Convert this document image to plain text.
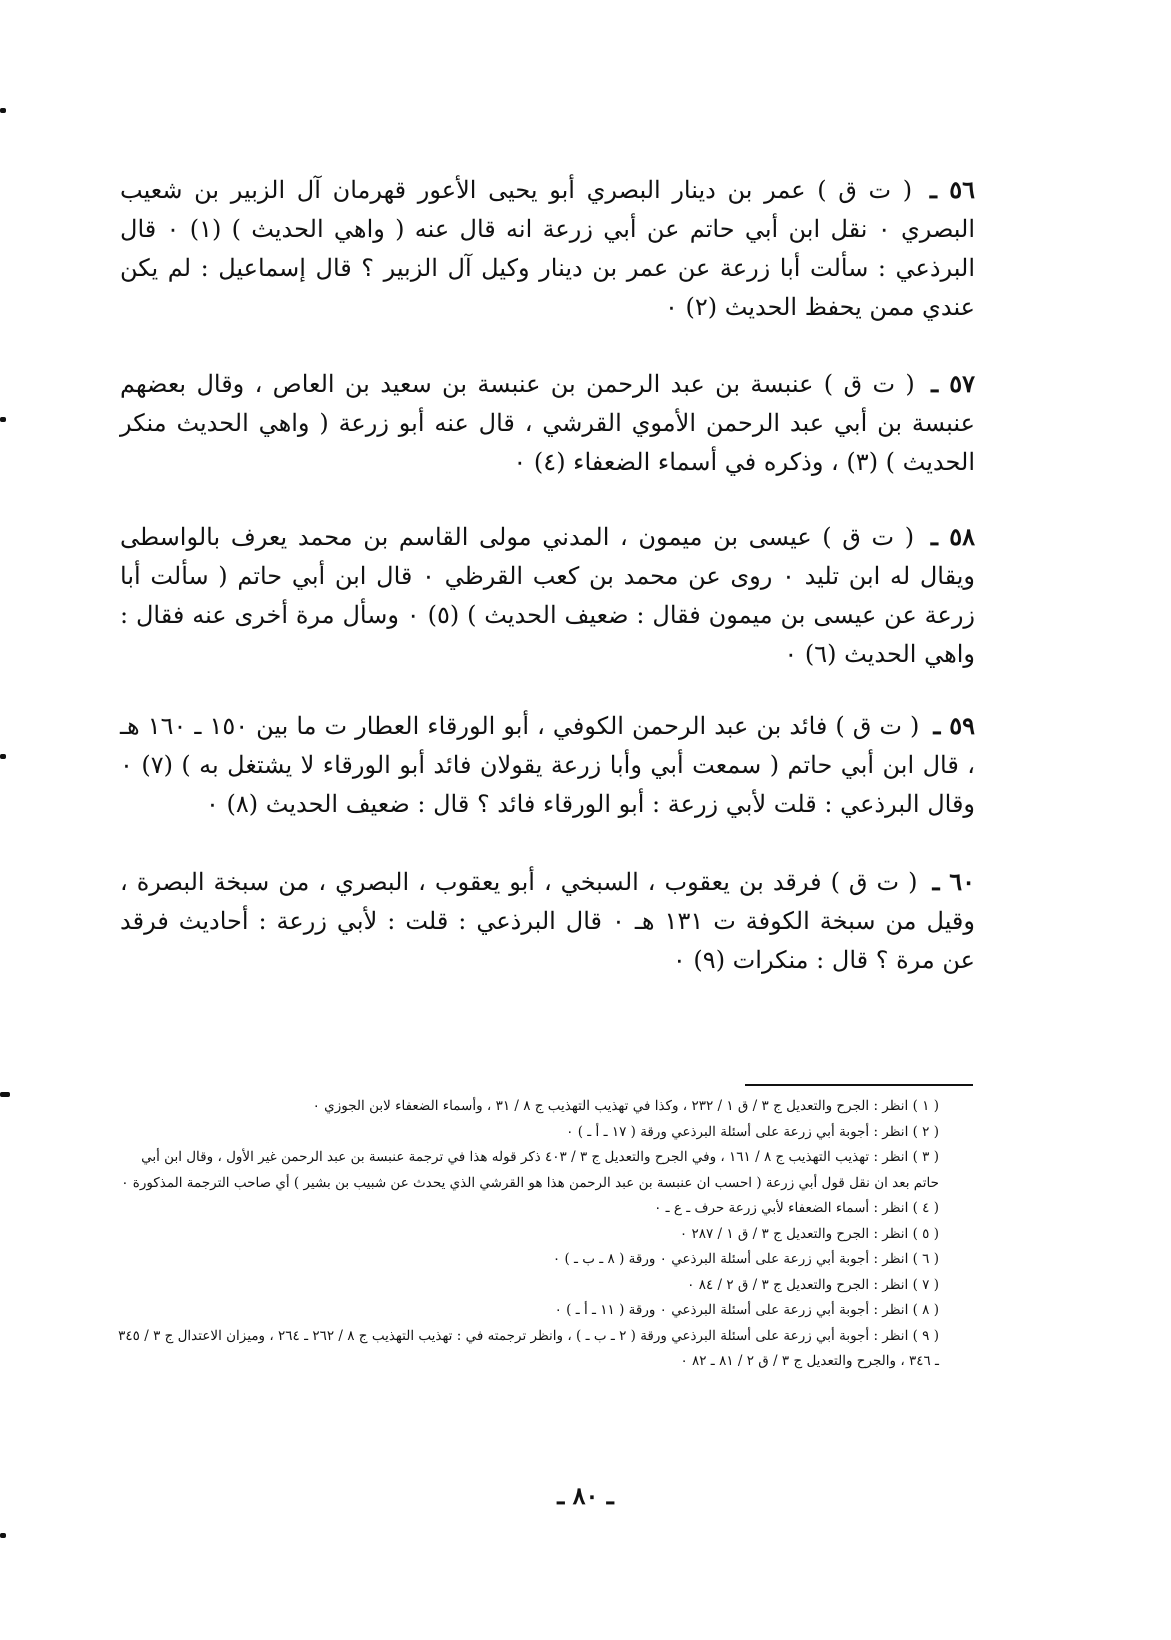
٥٦ ـ ( ت ق ) عمر بن دينار البصري أبو يحيى الأعور قهرمان آل الزبير بن شعيب البصري ٠ نقل ابن أبي حاتم عن أبي زرعة انه قال عنه ( واهي الحديث ) (١) ٠ قال البرذعي : سألت أبا زرعة عن عمر بن دينار وكيل آل الزبير ؟ قال إسماعيل : لم يكن عندي ممن يحفظ الحديث (٢) ٠

٥٧ ـ ( ت ق ) عنبسة بن عبد الرحمن بن عنبسة بن سعيد بن العاص ، وقال بعضهم عنبسة بن أبي عبد الرحمن الأموي القرشي ، قال عنه أبو زرعة ( واهي الحديث منكر الحديث ) (٣) ، وذكره في أسماء الضعفاء (٤) ٠

٥٨ ـ ( ت ق ) عيسى بن ميمون ، المدني مولى القاسم بن محمد يعرف بالواسطى ويقال له ابن تليد ٠ روى عن محمد بن كعب القرظي ٠ قال ابن أبي حاتم ( سألت أبا زرعة عن عيسى بن ميمون فقال : ضعيف الحديث ) (٥) ٠ وسأل مرة أخرى عنه فقال : واهي الحديث (٦) ٠

٥٩ ـ ( ت ق ) فائد بن عبد الرحمن الكوفي ، أبو الورقاء العطار ت ما بين ١٥٠ ـ ١٦٠ هـ ، قال ابن أبي حاتم ( سمعت أبي وأبا زرعة يقولان فائد أبو الورقاء لا يشتغل به ) (٧) ٠ وقال البرذعي : قلت لأبي زرعة : أبو الورقاء فائد ؟ قال : ضعيف الحديث (٨) ٠

٦٠ ـ ( ت ق ) فرقد بن يعقوب ، السبخي ، أبو يعقوب ، البصري ، من سبخة البصرة ، وقيل من سبخة الكوفة ت ١٣١ هـ ٠ قال البرذعي : قلت : لأبي زرعة : أحاديث فرقد عن مرة ؟ قال : منكرات (٩) ٠

( ١ ) انظر : الجرح والتعديل ج ٣ / ق ١ / ٢٣٢ ، وكذا في تهذيب التهذيب ج ٨ / ٣١ ، وأسماء الضعفاء لابن الجوزي ٠
( ٢ ) انظر : أجوبة أبي زرعة على أسئلة البرذعي ورقة ( ١٧ ـ أ ـ ) ٠
( ٣ ) انظر : تهذيب التهذيب ج ٨ / ١٦١ ، وفي الجرح والتعديل ج ٣ / ٤٠٣ ذكر قوله هذا في ترجمة عنبسة بن عبد الرحمن غير الأول ، وقال ابن أبي حاتم بعد ان نقل قول أبي زرعة ( احسب ان عنبسة بن عبد الرحمن هذا هو القرشي الذي يحدث عن شبيب بن بشير ) أي صاحب الترجمة المذكورة ٠
( ٤ ) انظر : أسماء الضعفاء لأبي زرعة حرف ـ ع ـ ٠
( ٥ ) انظر : الجرح والتعديل ج ٣ / ق ١ / ٢٨٧ ٠
( ٦ ) انظر : أجوبة أبي زرعة على أسئلة البرذعي ٠ ورقة ( ٨ ـ ب ـ ) ٠
( ٧ ) انظر : الجرح والتعديل ج ٣ / ق ٢ / ٨٤ ٠
( ٨ ) انظر : أجوبة أبي زرعة على أسئلة البرذعي ٠ ورقة ( ١١ ـ أ ـ ) ٠
( ٩ ) انظر : أجوبة أبي زرعة على أسئلة البرذعي ورقة ( ٢ ـ ب ـ ) ، وانظر ترجمته في : تهذيب التهذيب ج ٨ / ٢٦٢ ـ ٢٦٤ ، وميزان الاعتدال ج ٣ / ٣٤٥ ـ ٣٤٦ ، والجرح والتعديل ج ٣ / ق ٢ / ٨١ ـ ٨٢ ٠
ـ ٨٠ ـ
